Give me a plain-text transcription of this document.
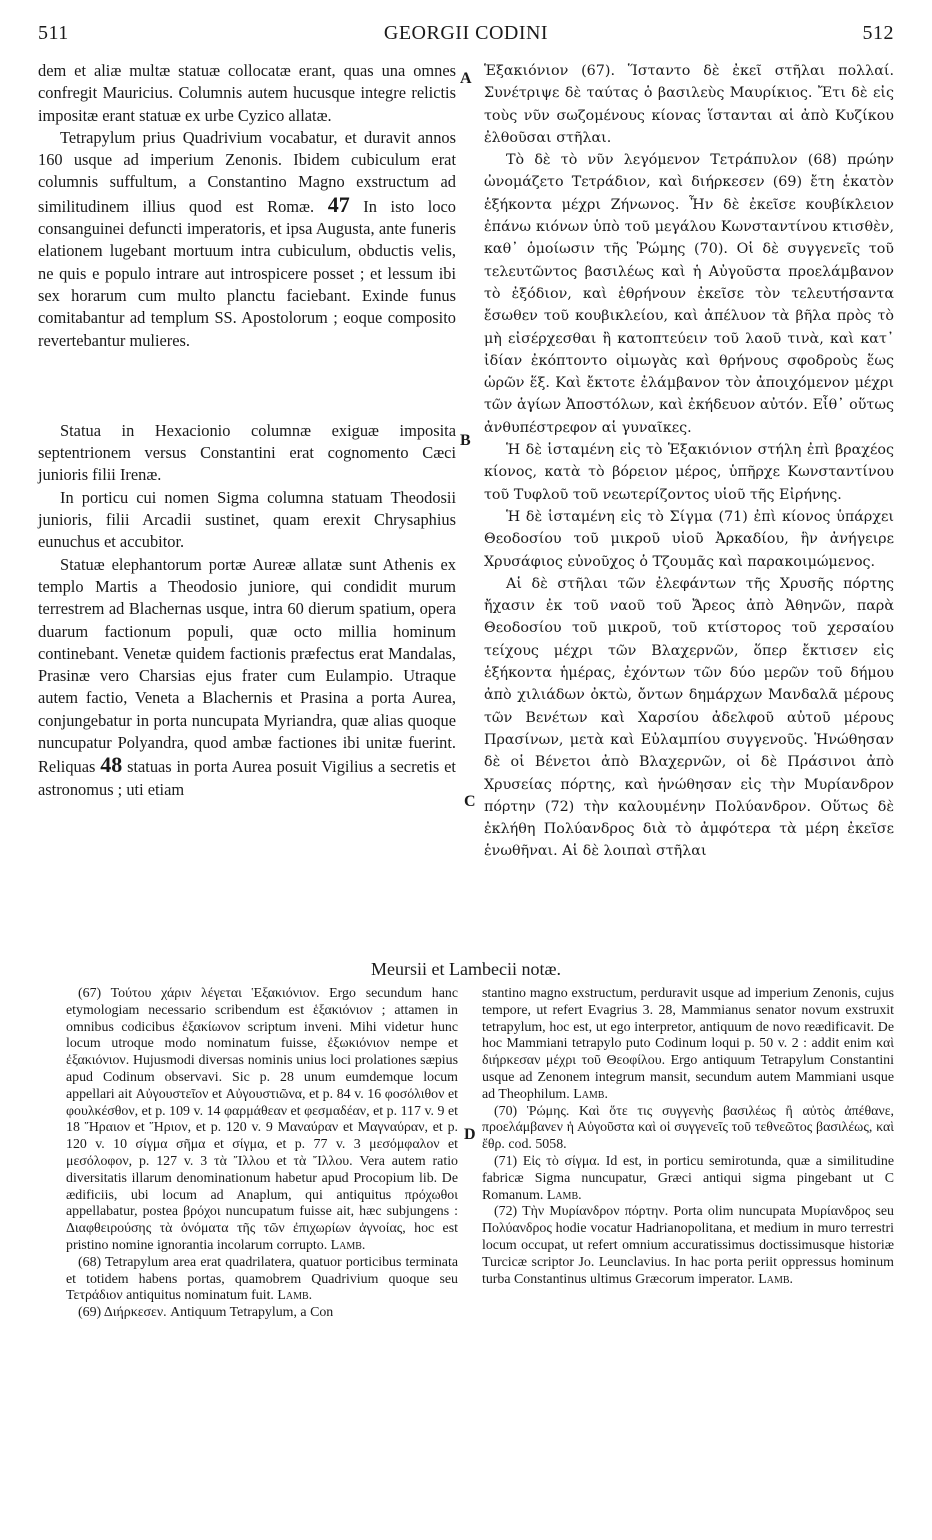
511	GEORGII CODINI	512
A
B
C
D

dem et aliæ multæ statuæ collocatæ erant, quas una omnes confregit Mauricius. Columnis autem hucusque integre relictis impositæ erant statuæ ex urbe Cyzico allatæ.

Tetrapylum prius Quadrivium vocabatur, et duravit annos 160 usque ad imperium Zenonis. Ibidem cubiculum erat columnis suffultum, a Constantino Magno exstructum ad similitudinem illius quod est Romæ. 47 In isto loco consanguinei defuncti imperatoris, et ipsa Augusta, ante funeris elationem lugebant mortuum intra cubiculum, obductis velis, ne quis e populo intrare aut introspicere posset ; et lessum ibi sex horarum cum multo planctu faciebant. Exinde funus comitabantur ad templum SS. Apostolorum ; eoque composito revertebantur mulieres.

Statua in Hexacionio columnæ exiguæ imposita septentrionem versus Constantini erat cognomento Cæci junioris filii Irenæ.

In porticu cui nomen Sigma columna statuam Theodosii junioris, filii Arcadii sustinet, quam erexit Chrysaphius eunuchus et accubitor.

Statuæ elephantorum portæ Aureæ allatæ sunt Athenis ex templo Martis a Theodosio juniore, qui condidit murum terrestrem ad Blachernas usque, intra 60 dierum spatium, opera duarum factionum populi, quæ octo millia hominum continebant. Venetæ quidem factionis præfectus erat Mandalas, Prasinæ vero Charsias ejus frater cum Eulampio. Utraque autem factio, Veneta a Blachernis et Prasina a porta Aurea, conjungebatur in porta nuncupata Myriandra, quæ alias quoque nuncupatur Polyandra, quod ambæ factiones ibi unitæ fuerint. Reliquas 48 statuas in porta Aurea posuit Vigilius a secretis et astronomus ; uti etiam

Ἑξακιόνιον (67). Ἵσταντο δὲ ἐκεῖ στῆλαι πολλαί. Συνέτριψε δὲ ταύτας ὁ βασιλεὺς Μαυρίκιος. Ἔτι δὲ εἰς τοὺς νῦν σωζομένους κίονας ἵστανται αἱ ἀπὸ Κυζίκου ἐλθοῦσαι στῆλαι.

Τὸ δὲ τὸ νῦν λεγόμενον Τετράπυλον (68) πρώην ὠνομάζετο Τετράδιον, καὶ διήρκεσεν (69) ἔτη ἑκατὸν ἑξήκοντα μέχρι Ζήνωνος. Ἦν δὲ ἐκεῖσε κουβίκλειον ἐπάνω κιόνων ὑπὸ τοῦ μεγάλου Κωνσταντίνου κτισθὲν, καθ᾽ ὁμοίωσιν τῆς Ῥώμης (70). Οἱ δὲ συγγενεῖς τοῦ τελευτῶντος βασιλέως καὶ ἡ Αὐγοῦστα προελάμβανον τὸ ἐξόδιον, καὶ ἐθρήνουν ἐκεῖσε τὸν τελευτήσαντα ἔσωθεν τοῦ κουβικλείου, καὶ ἀπέλυον τὰ βῆλα πρὸς τὸ μὴ εἰσέρχεσθαι ἢ κατοπτεύειν τοῦ λαοῦ τινὰ, καὶ κατ᾽ ἰδίαν ἐκόπτοντο οἰμωγὰς καὶ θρήνους σφοδροὺς ἕως ὡρῶν ἕξ. Καὶ ἔκτοτε ἐλάμβανον τὸν ἀποιχόμενον μέχρι τῶν ἁγίων Ἀποστόλων, καὶ ἐκήδευον αὐτόν. Εἶθ᾽ οὕτως ἀνθυπέστρεφον αἱ γυναῖκες.

Ἡ δὲ ἱσταμένη εἰς τὸ Ἑξακιόνιον στήλη ἐπὶ βραχέος κίονος, κατὰ τὸ βόρειον μέρος, ὑπῆρχε Κωνσταντίνου τοῦ Τυφλοῦ τοῦ νεωτερίζοντος υἱοῦ τῆς Εἰρήνης.

Ἡ δὲ ἱσταμένη εἰς τὸ Σίγμα (71) ἐπὶ κίονος ὑπάρχει Θεοδοσίου τοῦ μικροῦ υἱοῦ Ἀρκαδίου, ἣν ἀνήγειρε Χρυσάφιος εὐνοῦχος ὁ Τζουμᾶς καὶ παρακοιμώμενος.

Αἱ δὲ στῆλαι τῶν ἐλεφάντων τῆς Χρυσῆς πόρτης ἤχασιν ἐκ τοῦ ναοῦ τοῦ Ἄρεος ἀπὸ Ἀθηνῶν, παρὰ Θεοδοσίου τοῦ μικροῦ, τοῦ κτίστορος τοῦ χερσαίου τείχους μέχρι τῶν Βλαχερνῶν, ὅπερ ἔκτισεν εἰς ἑξήκοντα ἡμέρας, ἐχόντων τῶν δύο μερῶν τοῦ δήμου ἀπὸ χιλιάδων ὀκτὼ, ὄντων δημάρχων Μανδαλᾶ μέρους τῶν Βενέτων καὶ Χαρσίου ἀδελφοῦ αὐτοῦ μέρους Πρασίνων, μετὰ καὶ Εὐλαμπίου συγγενοῦς. Ἡνώθησαν δὲ οἱ Βένετοι ἀπὸ Βλαχερνῶν, οἱ δὲ Πράσινοι ἀπὸ Χρυσείας πόρτης, καὶ ἡνώθησαν εἰς τὴν Μυρίανδρον πόρτην (72) τὴν καλουμένην Πολύανδρον. Οὕτως δὲ ἐκλήθη Πολύανδρος διὰ τὸ ἀμφότερα τὰ μέρη ἐκεῖσε ἑνωθῆναι. Αἱ δὲ λοιπαὶ στῆλαι

Meursii et Lambecii notæ.

(67) Τούτου χάριν λέγεται Ἑξακιόνιον. Ergo secundum hanc etymologiam necessario scribendum est ἑξακιόνιον ; attamen in omnibus codicibus ἐξακίωνον scriptum inveni. Mihi videtur hunc locum utroque modo nominatum fuisse, ἐξωκιόνιον nempe et ἐξακιόνιον. Hujusmodi diversas nominis unius loci prolationes sæpius apud Codinum observavi. Sic p. 28 unum eumdemque locum appellari ait Αὐγουστεῖον et Αὐγουστιῶνα, et p. 84 v. 16 φοσόλιθον et φουλκέσθον, et p. 109 v. 14 φαρμάθεαν et φεσμαδέαν, et p. 117 v. 9 et 18 Ἥραιον et Ἥριον, et p. 120 v. 9 Μαναύραν et Μαγναύραν, et p. 120 v. 10 σίγμα σῆμα et σίγμα, et p. 77 v. 3 μεσόμφαλον et μεσόλοφον, p. 127 v. 3 τὰ Ἴλλου et τὰ Ἴλλου. Vera autem ratio diversitatis illarum denominationum habetur apud Procopium lib. De ædificiis, ubi locum ad Anaplum, qui antiquitus πρόχωθοι appellabatur, postea βρόχοι nuncupatum fuisse ait, hæc subjungens : Διαφθειρούσης τὰ ὀνόματα τῆς τῶν ἐπιχωρίων ἀγνοίας, hoc est pristino nomine ignorantia incolarum corrupto. Lamb.

(68) Tetrapylum area erat quadrilatera, quatuor porticibus terminata et totidem habens portas, quamobrem Quadrivium quoque seu Τετράδιον antiquitus nominatum fuit. Lamb.

(69) Διήρκεσεν. Antiquum Tetrapylum, a Con

stantino magno exstructum, perduravit usque ad imperium Zenonis, cujus tempore, ut refert Evagrius 3. 28, Mammianus senator novum exstruxit tetrapylum, hoc est, ut ego interpretor, antiquum de novo reædificavit. De hoc Mammiani tetrapylo puto Codinum loqui p. 50 v. 2 : addit enim καὶ διήρκεσαν μέχρι τοῦ Θεοφίλου. Ergo antiquum Tetrapylum Constantini usque ad Zenonem integrum mansit, secundum autem Mammiani usque ad Theophilum. Lamb.

(70) Ῥώμης. Καὶ ὅτε τις συγγενὴς βασιλέως ἢ αὐτὸς ἀπέθανε, προελάμβανεν ἡ Αὐγοῦστα καὶ οἱ συγγενεῖς τοῦ τεθνεῶτος βασιλέως, καὶ ἔθρ. cod. 5058.

(71) Εἰς τὸ σίγμα. Id est, in porticu semirotunda, quæ a similitudine fabricæ Sigma nuncupatur, Græci antiqui sigma pingebant ut C Romanum. Lamb.

(72) Τὴν Μυρίανδρον πόρτην. Porta olim nuncupata Μυρίανδρος seu Πολύανδρος hodie vocatur Hadrianopolitana, et medium in muro terrestri locum occupat, ut refert omnium accuratissimus doctissimusque historiæ Turcicæ scriptor Jo. Leunclavius. In hac porta periit oppressus hominum turba Constantinus ultimus Græcorum imperator. Lamb.
